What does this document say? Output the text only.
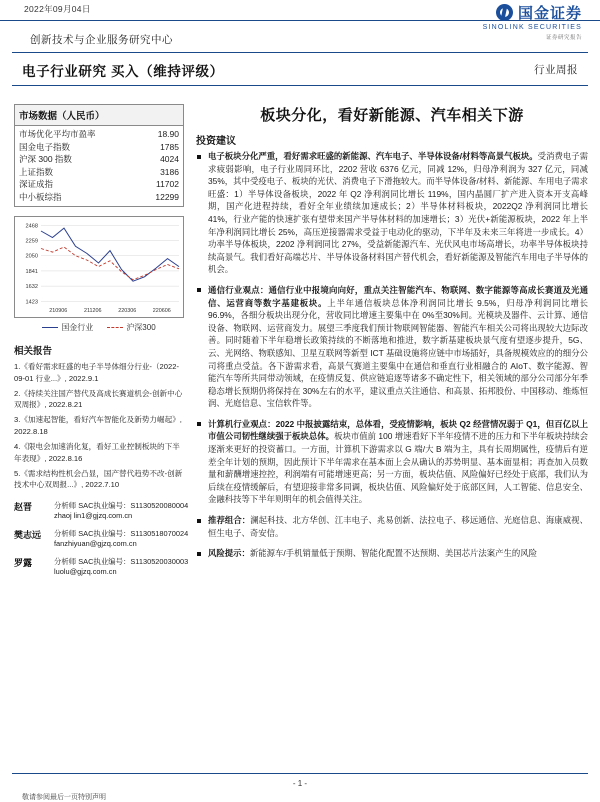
2022年09月04日	国金证券
SINOLINK SECURITIES
证券研究报告
创新技术与企业服务研究中心
电子行业研究 买入（维持评级）	行业周报
市场数据（人民币）
市场优化平均市盈率	18.90
国金电子指数	1785
沪深 300 指数	4024
上证指数	3186
深证成指	11702
中小板综指	12299
1423
1632
1841
2050
2259
2468
210906	211206	220306	220606
国金行业	沪深300
相关报告
1.《看好需求旺盛的电子半导体细分行业-（2022-09-01 行业...》, 2022.9.1
2.《持续关注国产替代及高成长赛道机会-创新中心双周报》, 2022.8.21
3.《加速起智能，看好汽车智能化及新势力崛起》, 2022.8.18
4.《限电会加速消化复，看好工业控制板块的下半年表现》, 2022.8.16
5.《需求结构性机会凸显，国产替代趋势不改-创新技术中心双周报...》, 2022.7.10
赵晋	分析师 SAC执业编号：S1130520080004
zhaoj lin1@gjzq.com.cn
樊志远	分析师 SAC执业编号：S1130518070024
fanzhiyuan@gjzq.com.cn
罗露	分析师 SAC执业编号：S1130520030003
luolu@gjzq.com.cn
板块分化，看好新能源、汽车相关下游
投资建议
电子板块分化严重，看好需求旺盛的新能源、汽车电子、半导体设备/材料等高景气板块。受消费电子需求疲弱影响，电子行业周同环比，2202 营收 6376 亿元，同减 12%，归母净利润为 327 亿元，同减 35%，其中受疫电子、板块的光伏、消费电子下滑拖较大。而半导体设备/材料、新能源、车用电子需求旺盛：1）半导体设备板块，2022 年 Q2 净利润同比增长 119%，国内晶圆厂扩产进入资本开支高峰期，国产化进程持续，看好全年业绩续加速成长；2）半导体材料板块，2022Q2 净利润同比增长 41%，行业产能的快速扩张有望带来国产半导体材料的加速增长；3）光伏+新能源板块，2022 年上半年净利润同比增长 25%，高压逆接器需求受益于电动化的驱动，下半年及未来三年将进一步成长。4）功率半导体板块，2202 净利润同比 27%，受益新能源汽车、光伏风电市场高增长，功率半导体板块持续高景气。我们看好高端芯片、半导体设备材料国产替代机会，看好新能源及智能汽车用电子半导体的机会。
通信行业观点：通信行业中报境向向好，重点关注智能汽车、物联网、数字能源等高成长赛道及光通信、运营商等数字基建板块。上半年通信板块总体净利润同比增长 9.5%，归母净利润同比增长 96.9%，各细分板块出现分化，营收同比增速主要集中在 0%至30%间。光模块及器件、云计算、通信设备、物联网、运营商发力。展望三季度我们预计物联网智能器、智能汽车相关公司将出现较大边际改善。同时随着下半年稳增长政策持续的不断落地和推进，数字新基建板块景气度有望逐步提升，5G、云、光网络、物联感知、卫星互联网等新型 ICT 基础设施将应链中市场插好，具备规模效应的的细分公司将重点受益。各下游需求看，高景气赛道主要集中在通信和垂直行业相融合的 AIoT、数字能源、智能汽车等所共同带动领域，在疫情反复、供应链追逐等诸多不确定性下，相关领域的部分公司部分年季稳态增长预期仍将保持在 30%左右的水平，建议重点关注通信、和高景、拓邦股份、中国移动、维炼恒润、光庭信息、宝信软件等。
计算机行业观点：2022 中报披露结束，总体看，受疫情影响，板块 Q2 经营情况弱于 Q1，但百亿以上市值公司韧性继续强于板块总体。板块市值前 100 增速看好下半年疫情不进的压力和下半年板块持续会逐渐来更好的投资蓄口。一方面，计算机下游需求以 G 端/大 B 端为主，具有长周期属性，疫情后有逆差全年计划的预期，因此预计下半年需求在基本面上会从确认的苏势明显、基本面显相；再查加入员数量和薪酬增速控控，利润端有可能增速更高；另一方面，板块估值、风险偏好已经处于底部，我们认为后续在疫情缓解后，有望迎接非常多同调，板块估值、风险偏好处于底部区间，人工智能、信息安全、金融科技等下半年则明年的机会值得关注。
推荐组合：澜起科技、北方华创、江丰电子、兆易创新、法拉电子、移远通信、光庭信息、海康威视、恒生电子、奇安信。
风险提示：新能源车/手机销量低于预期、智能化配置不达预期、美国芯片法案产生的风险
- 1 -
敬请参阅最后一页特别声明
